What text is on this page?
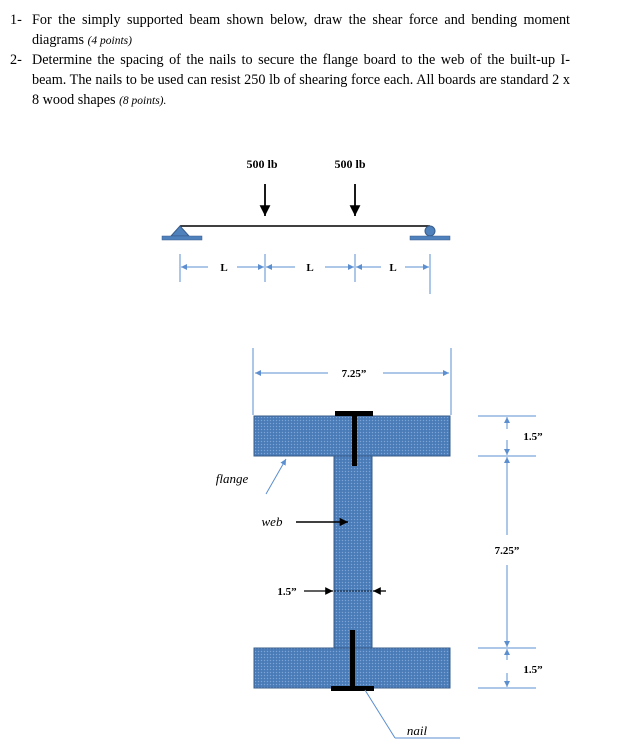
1- For the simply supported beam shown below, draw the shear force and bending moment diagrams (4 points)
2- Determine the spacing of the nails to secure the flange board to the web of the built-up I-beam. The nails to be used can resist 250 lb of shearing force each. All boards are standard 2 x 8 wood shapes (8 points).
500 lb	500 lb
L	L	L
7.25”
1.5”
7.25”
1.5”
flange
web
1.5”
nail
